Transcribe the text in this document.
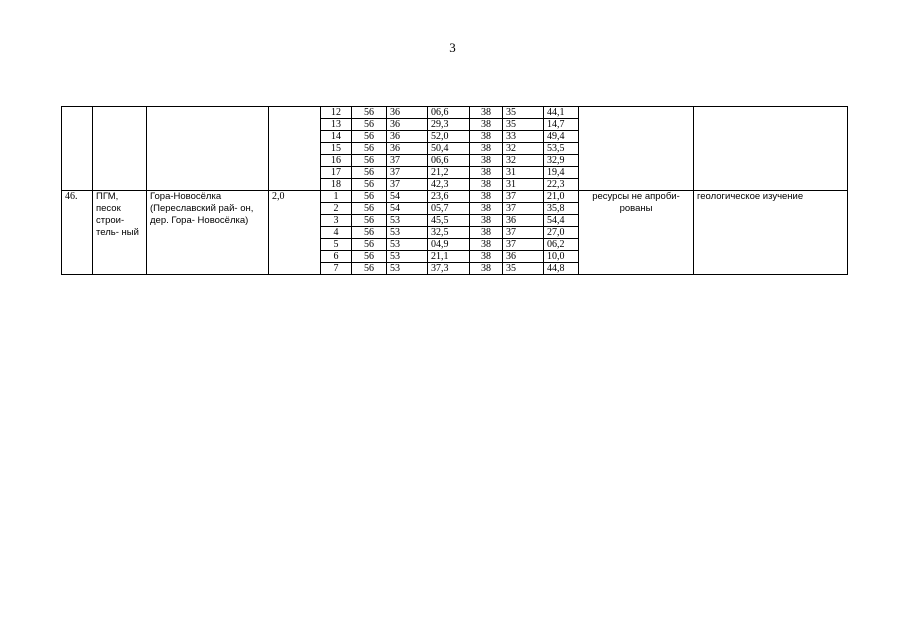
3
				12	56	36	06,6	38	35	44,1		
				13	56	36	29,3	38	35	14,7		
				14	56	36	52,0	38	33	49,4		
				15	56	36	50,4	38	32	53,5		
				16	56	37	06,6	38	32	32,9		
				17	56	37	21,2	38	31	19,4		
				18	56	37	42,3	38	31	22,3		
46.	ПГМ, песок строи- тель- ный	Гора-Новосёлка (Переславский рай- он, дер. Гора- Новосёлка)	2,0	1	56	54	23,6	38	37	21,0	ресурсы не апроби- рованы	геологическое изучение
				2	56	54	05,7	38	37	35,8		
				3	56	53	45,5	38	36	54,4		
				4	56	53	32,5	38	37	27,0		
				5	56	53	04,9	38	37	06,2		
				6	56	53	21,1	38	36	10,0		
				7	56	53	37,3	38	35	44,8		
